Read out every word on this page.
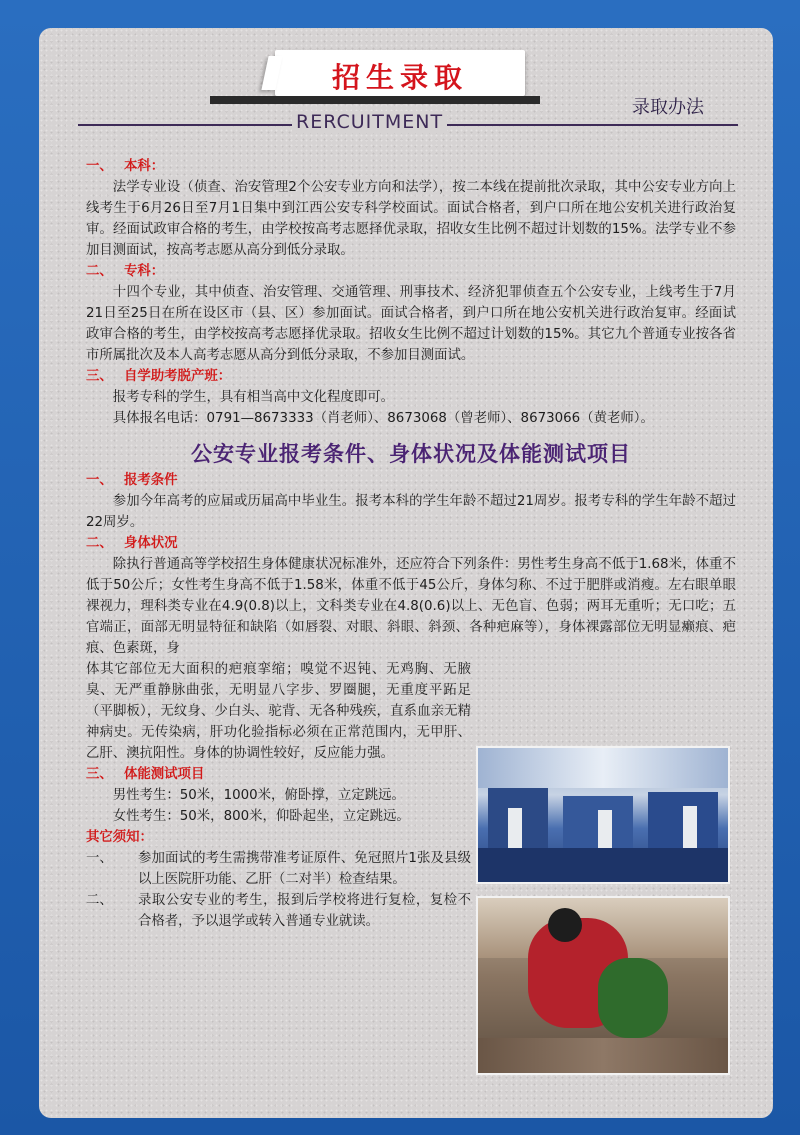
招生录取
RERCUITMENT
录取办法
一、 本科：

法学专业设（侦查、治安管理2个公安专业方向和法学），按二本线在提前批次录取，其中公安专业方向上线考生于6月26日至7月1日集中到江西公安专科学校面试。面试合格者，到户口所在地公安机关进行政治复审。经面试政审合格的考生，由学校按高考志愿择优录取，招收女生比例不超过计划数的15%。法学专业不参加目测面试，按高考志愿从高分到低分录取。

二、 专科：

十四个专业，其中侦查、治安管理、交通管理、刑事技术、经济犯罪侦查五个公安专业，上线考生于7月21日至25日在所在设区市（县、区）参加面试。面试合格者，到户口所在地公安机关进行政治复审。经面试政审合格的考生，由学校按高考志愿择优录取。招收女生比例不超过计划数的15%。其它九个普通专业按各省市所属批次及本人高考志愿从高分到低分录取，不参加目测面试。

三、 自学助考脱产班：

报考专科的学生，具有相当高中文化程度即可。

具体报名电话：0791—8673333（肖老师）、8673068（曾老师）、8673066（黄老师）。

公安专业报考条件、身体状况及体能测试项目
一、 报考条件

参加今年高考的应届或历届高中毕业生。报考本科的学生年龄不超过21周岁。报考专科的学生年龄不超过22周岁。

二、 身体状况

除执行普通高等学校招生身体健康状况标准外，还应符合下列条件：男性考生身高不低于1.68米，体重不低于50公斤；女性考生身高不低于1.58米，体重不低于45公斤，身体匀称、不过于肥胖或消瘦。左右眼单眼裸视力，理科类专业在4.9(0.8)以上，文科类专业在4.8(0.6)以上、无色盲、色弱；两耳无重听；无口吃；五官端正，面部无明显特征和缺陷（如唇裂、对眼、斜眼、斜颈、各种疤麻等），身体裸露部位无明显癞痕、疤痕、色素斑，身

体其它部位无大面积的疤痕挛缩；嗅觉不迟钝、无鸡胸、无腋臭、无严重静脉曲张，无明显八字步、罗圈腿，无重度平跖足（平脚板），无纹身、少白头、驼背、无各种残疾，直系血亲无精神病史。无传染病，肝功化验指标必须在正常范围内，无甲肝、乙肝、澳抗阳性。身体的协调性较好，反应能力强。

三、 体能测试项目

男性考生：50米，1000米，俯卧撑，立定跳远。

女性考生：50米，800米，仰卧起坐，立定跳远。

其它须知：
一、	参加面试的考生需携带准考证原件、免冠照片1张及县级以上医院肝功能、乙肝（二对半）检查结果。
二、	录取公安专业的考生，报到后学校将进行复检，复检不合格者，予以退学或转入普通专业就读。
